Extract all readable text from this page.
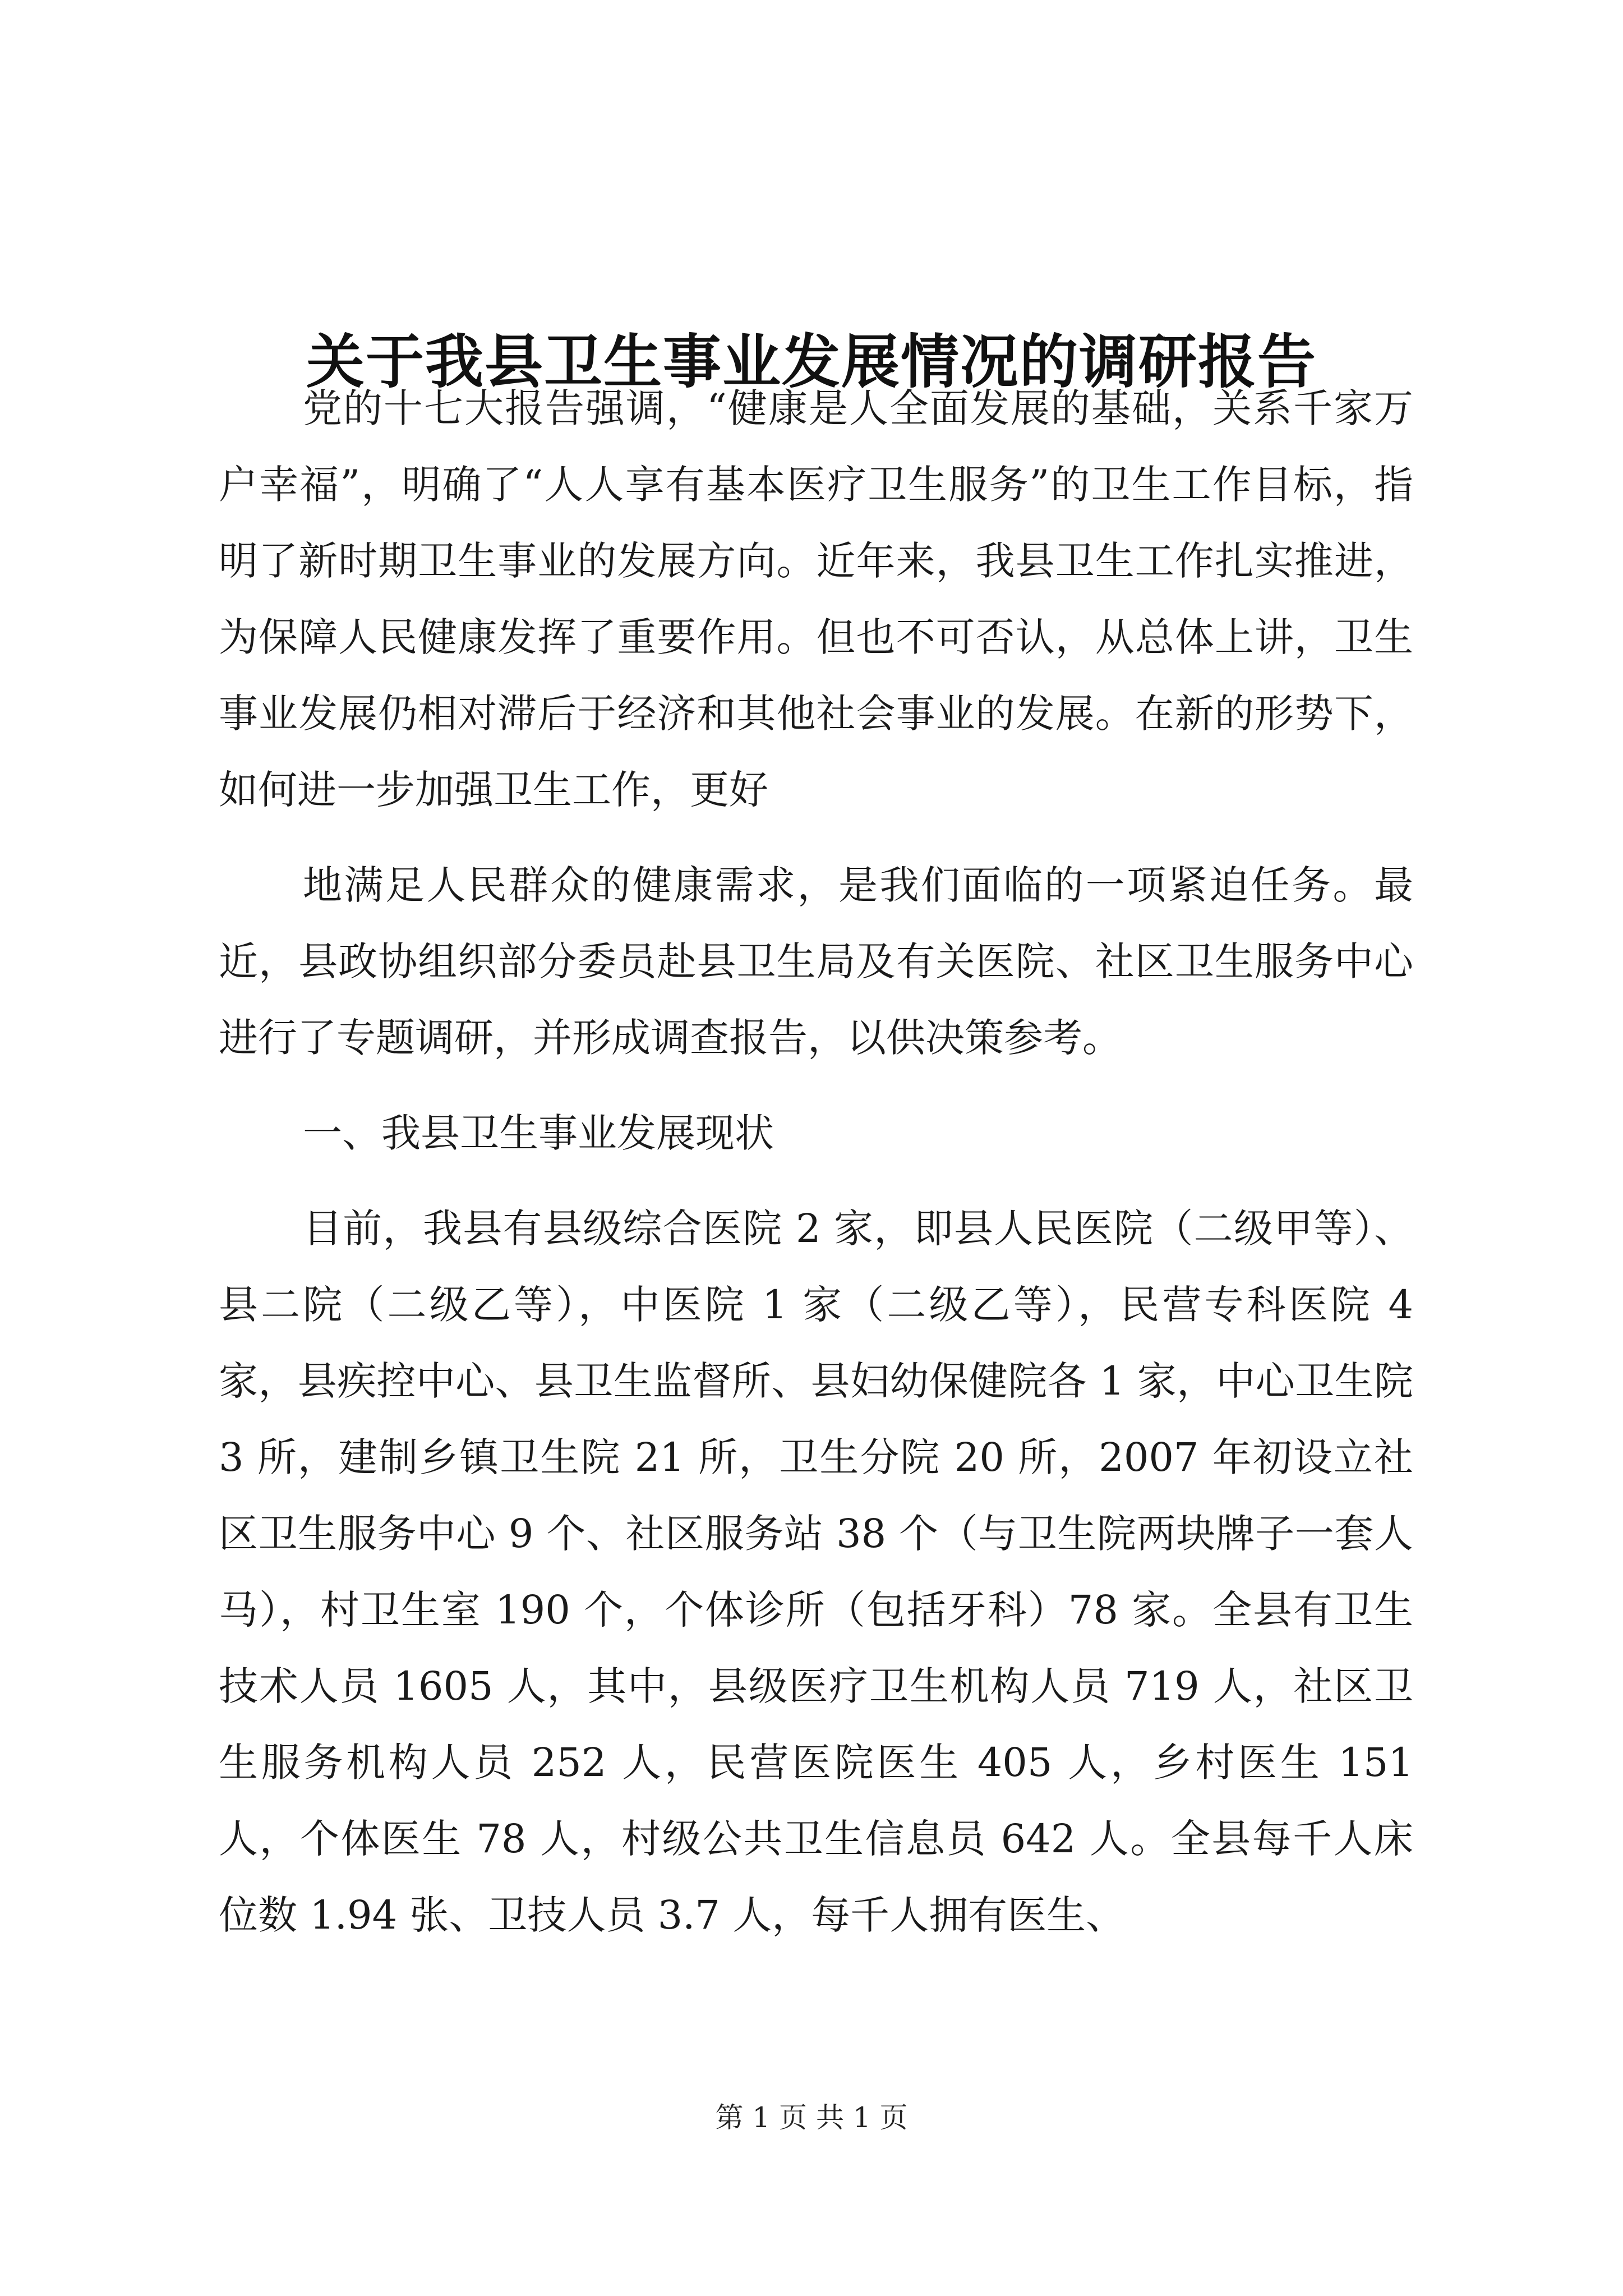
关于我县卫生事业发展情况的调研报告

党的十七大报告强调，“健康是人全面发展的基础，关系千家万户幸福”，明确了“人人享有基本医疗卫生服务”的卫生工作目标，指明了新时期卫生事业的发展方向。近年来，我县卫生工作扎实推进，为保障人民健康发挥了重要作用。但也不可否认，从总体上讲，卫生事业发展仍相对滞后于经济和其他社会事业的发展。在新的形势下，如何进一步加强卫生工作，更好

地满足人民群众的健康需求，是我们面临的一项紧迫任务。最近，县政协组织部分委员赴县卫生局及有关医院、社区卫生服务中心进行了专题调研，并形成调查报告，以供决策参考。

一、我县卫生事业发展现状

目前，我县有县级综合医院 2 家，即县人民医院（二级甲等）、县二院（二级乙等），中医院 1 家（二级乙等），民营专科医院 4 家，县疾控中心、县卫生监督所、县妇幼保健院各 1 家，中心卫生院 3 所，建制乡镇卫生院 21 所，卫生分院 20 所，2007 年初设立社区卫生服务中心 9 个、社区服务站 38 个（与卫生院两块牌子一套人马），村卫生室 190 个，个体诊所（包括牙科）78 家。全县有卫生技术人员 1605 人，其中，县级医疗卫生机构人员 719 人，社区卫生服务机构人员 252 人，民营医院医生 405 人，乡村医生 151 人，个体医生 78 人，村级公共卫生信息员 642 人。全县每千人床位数 1.94 张、卫技人员 3.7 人，每千人拥有医生、

第 1 页 共 1 页
